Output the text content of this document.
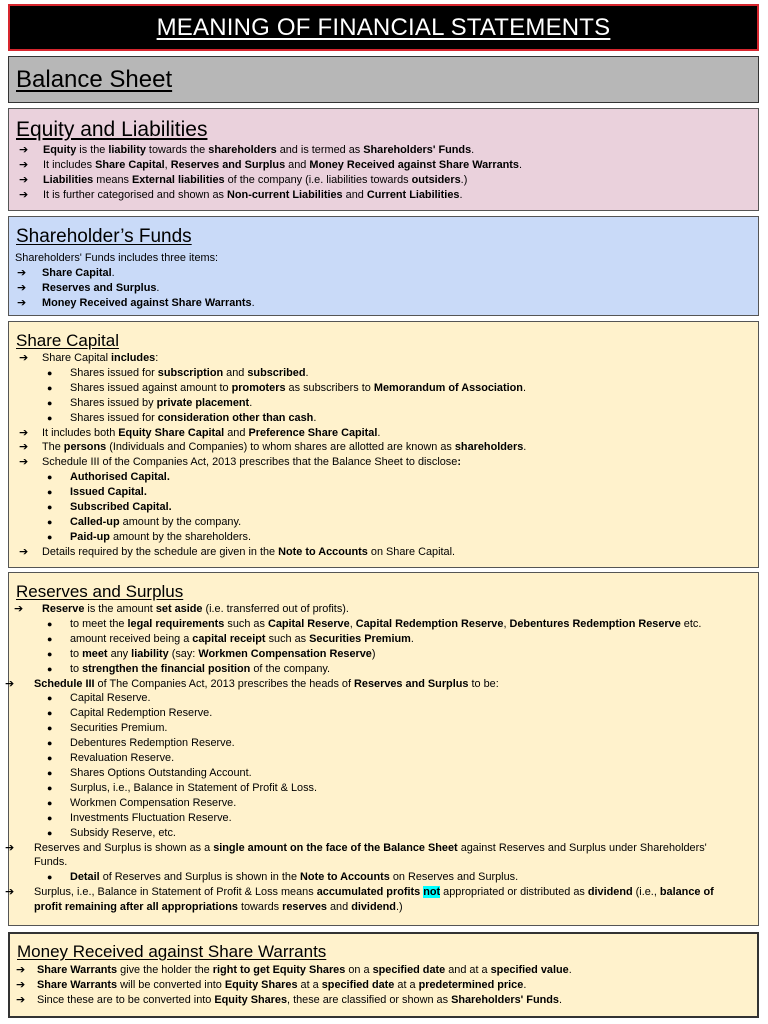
MEANING OF FINANCIAL STATEMENTS
Balance Sheet
Equity and Liabilities
➔	Equity is the liability towards the shareholders and is termed as Shareholders' Funds.
➔	It includes Share Capital, Reserves and Surplus and Money Received against Share Warrants.
➔	Liabilities means External liabilities of the company (i.e. liabilities towards outsiders.)
➔	It is further categorised and shown as Non-current Liabilities and Current Liabilities.
Shareholder’s Funds
Shareholders' Funds includes three items:
➔	Share Capital.
➔	Reserves and Surplus.
➔	Money Received against Share Warrants.
Share Capital
➔	Share Capital includes:
●	Shares issued for subscription and subscribed.
●	Shares issued against amount to promoters as subscribers to Memorandum of Association.
●	Shares issued by private placement.
●	Shares issued for consideration other than cash.
➔	It includes both Equity Share Capital and Preference Share Capital.
➔	The persons (Individuals and Companies) to whom shares are allotted are known as shareholders.
➔	Schedule III of the Companies Act, 2013 prescribes that the Balance Sheet to disclose:
●	Authorised Capital.
●	Issued Capital.
●	Subscribed Capital.
●	Called-up amount by the company.
●	Paid-up amount by the shareholders.
➔	Details required by the schedule are given in the Note to Accounts on Share Capital.
Reserves and Surplus
➔	Reserve is the amount set aside (i.e. transferred out of profits).
●	to meet the legal requirements such as Capital Reserve, Capital Redemption Reserve, Debentures Redemption Reserve etc.
●	amount received being a capital receipt such as Securities Premium.
●	to meet any liability (say: Workmen Compensation Reserve)
●	to strengthen the financial position of the company.
➔	Schedule III of The Companies Act, 2013 prescribes the heads of Reserves and Surplus to be:
●	Capital Reserve.
●	Capital Redemption Reserve.
●	Securities Premium.
●	Debentures Redemption Reserve.
●	Revaluation Reserve.
●	Shares Options Outstanding Account.
●	Surplus, i.e., Balance in Statement of Profit & Loss.
●	Workmen Compensation Reserve.
●	Investments Fluctuation Reserve.
●	Subsidy Reserve, etc.
➔	Reserves and Surplus is shown as a single amount on the face of the Balance Sheet against Reserves and Surplus under Shareholders'
Funds.
●	Detail of Reserves and Surplus is shown in the Note to Accounts on Reserves and Surplus.
➔	Surplus, i.e., Balance in Statement of Profit & Loss means accumulated profits not appropriated or distributed as dividend (i.e., balance of
profit remaining after all appropriations towards reserves and dividend.)
Money Received against Share Warrants
➔	Share Warrants give the holder the right to get Equity Shares on a specified date and at a specified value.
➔	Share Warrants will be converted into Equity Shares at a specified date at a predetermined price.
➔	Since these are to be converted into Equity Shares, these are classified or shown as Shareholders' Funds.
